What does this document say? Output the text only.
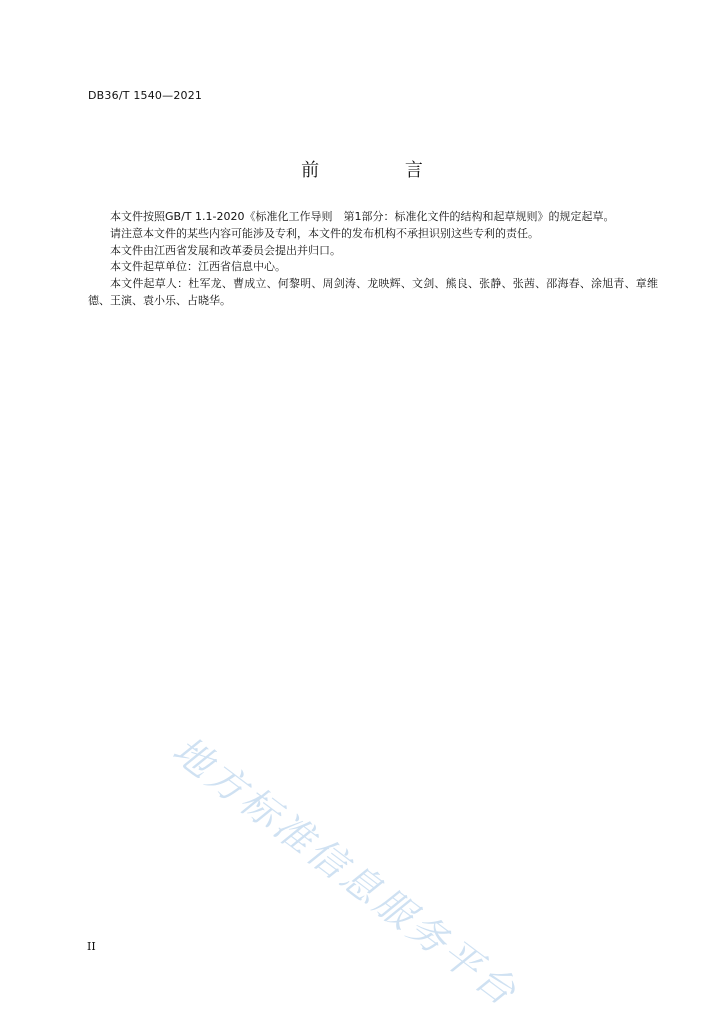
DB36/T 1540—2021
前 言

本文件按照GB/T 1.1-2020《标准化工作导则　第1部分：标准化文件的结构和起草规则》的规定起草。

请注意本文件的某些内容可能涉及专利，本文件的发布机构不承担识别这些专利的责任。

本文件由江西省发展和改革委员会提出并归口。

本文件起草单位：江西省信息中心。

本文件起草人：杜军龙、曹成立、何黎明、周剑涛、龙映辉、文剑、熊良、张静、张茜、邵海春、涂旭青、章维德、王演、袁小乐、占晓华。

地方标准信息服务平台
II
